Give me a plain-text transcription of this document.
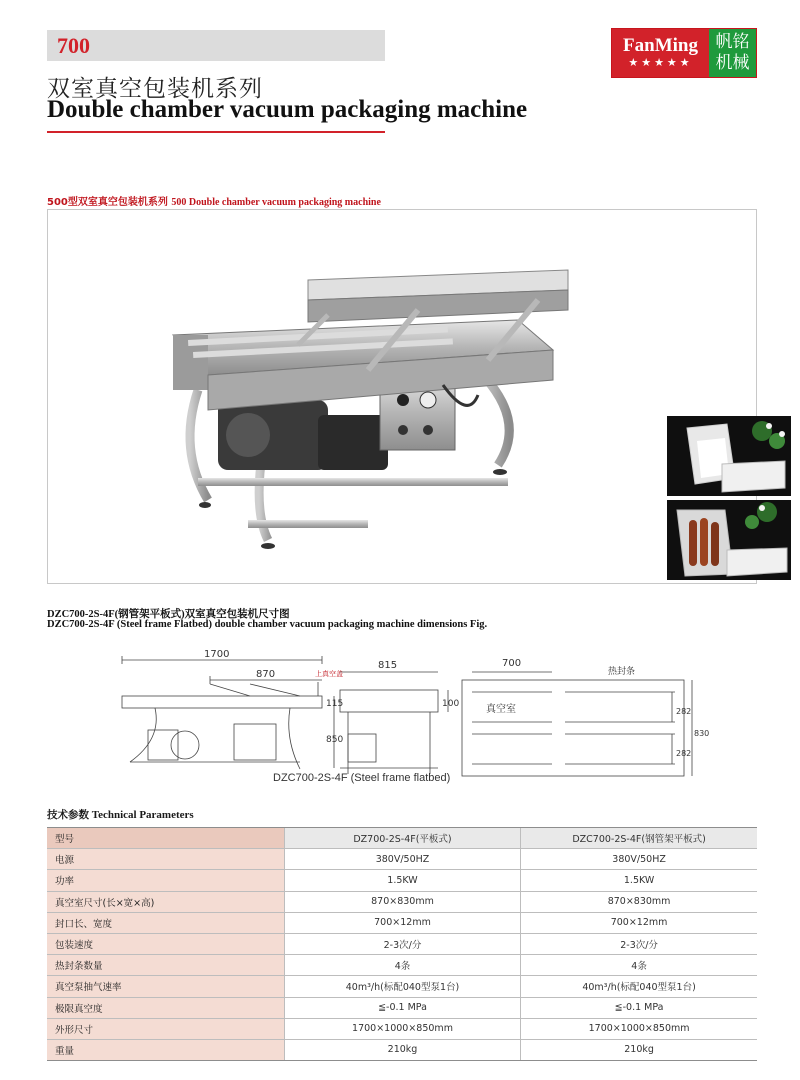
700
双室真空包装机系列
Double chamber vacuum packaging machine
FanMing
★★★★★
帆铭 机械
500型双室真空包装机系列 500 Double chamber vacuum packaging machine
DZC700-2S-4F (Steel frame flatbed)
DZC700-2S-4F(钢管架平板式)双室真空包装机尺寸图
DZC700-2S-4F (Steel frame Flatbed) double chamber vacuum packaging machine dimensions Fig.
1700
870	上真空盖
815
115
850
100
700
热封条
真空室	282
282
830
技术参数 Technical Parameters
型号	DZ700-2S-4F(平板式)	DZC700-2S-4F(钢管架平板式)
电源	380V/50HZ	380V/50HZ
功率	1.5KW	1.5KW
真空室尺寸(长×宽×高)	870×830mm	870×830mm
封口长、宽度	700×12mm	700×12mm
包装速度	2-3次/分	2-3次/分
热封条数量	4条	4条
真空泵抽气速率	40m³/h(标配040型泵1台)	40m³/h(标配040型泵1台)
极限真空度	≦-0.1 MPa	≦-0.1 MPa
外形尺寸	1700×1000×850mm	1700×1000×850mm
重量	210kg	210kg
